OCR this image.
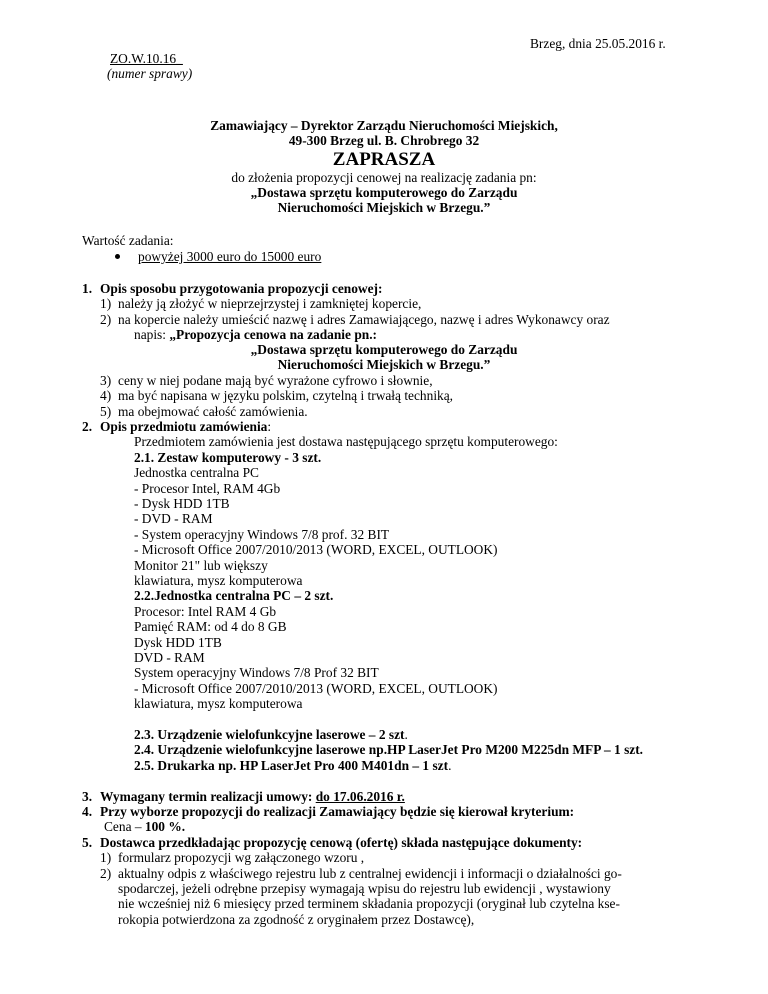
Brzeg, dnia 25.05.2016 r.
ZO.W.10.16_
(numer sprawy)
Zamawiający – Dyrektor Zarządu Nieruchomości Miejskich,
49-300 Brzeg ul. B. Chrobrego 32
ZAPRASZA
do złożenia propozycji cenowej na realizację zadania pn:
„Dostawa sprzętu komputerowego do Zarządu
Nieruchomości Miejskich w Brzegu.”
Wartość zadania:
powyżej 3000 euro do 15000 euro
1. Opis sposobu przygotowania propozycji cenowej:
1) należy ją złożyć w nieprzejrzystej i zamkniętej kopercie,
2) na kopercie należy umieścić nazwę i adres Zamawiającego, nazwę i adres Wykonawcy oraz
napis: „Propozycja cenowa na zadanie pn.:
„Dostawa sprzętu komputerowego do Zarządu
Nieruchomości Miejskich w Brzegu.”
3) ceny w niej podane mają być wyrażone cyfrowo i słownie,
4) ma być napisana w języku polskim, czytelną i trwałą techniką,
5) ma obejmować całość zamówienia.
2. Opis przedmiotu zamówienia:
Przedmiotem zamówienia jest dostawa następującego sprzętu komputerowego:
2.1. Zestaw komputerowy - 3 szt.
Jednostka centralna PC
- Procesor Intel, RAM 4Gb
- Dysk HDD 1TB
- DVD - RAM
- System operacyjny Windows 7/8 prof. 32 BIT
- Microsoft Office 2007/2010/2013 (WORD, EXCEL, OUTLOOK)
Monitor 21" lub większy
klawiatura, mysz komputerowa
2.2.Jednostka centralna PC – 2 szt.
Procesor: Intel RAM 4 Gb
Pamięć RAM: od 4 do 8 GB
Dysk HDD 1TB
DVD - RAM
System operacyjny Windows 7/8 Prof 32 BIT
- Microsoft Office 2007/2010/2013 (WORD, EXCEL, OUTLOOK)
klawiatura, mysz komputerowa
2.3. Urządzenie wielofunkcyjne laserowe – 2 szt.
2.4. Urządzenie wielofunkcyjne laserowe np.HP LaserJet Pro M200 M225dn MFP – 1 szt.
2.5. Drukarka np. HP LaserJet Pro 400 M401dn – 1 szt.
3. Wymagany termin realizacji umowy: do 17.06.2016 r.
4. Przy wyborze propozycji do realizacji Zamawiający będzie się kierował kryterium:
Cena – 100 %.
5. Dostawca przedkładając propozycję cenową (ofertę) składa następujące dokumenty:
1) formularz propozycji wg załączonego wzoru ,
2) aktualny odpis z właściwego rejestru lub z centralnej ewidencji i informacji o działalności go-
spodarczej, jeżeli odrębne przepisy wymagają wpisu do rejestru lub ewidencji , wystawiony
nie wcześniej niż 6 miesięcy przed terminem składania propozycji (oryginał lub czytelna kse-
rokopia potwierdzona za zgodność z oryginałem przez Dostawcę),
